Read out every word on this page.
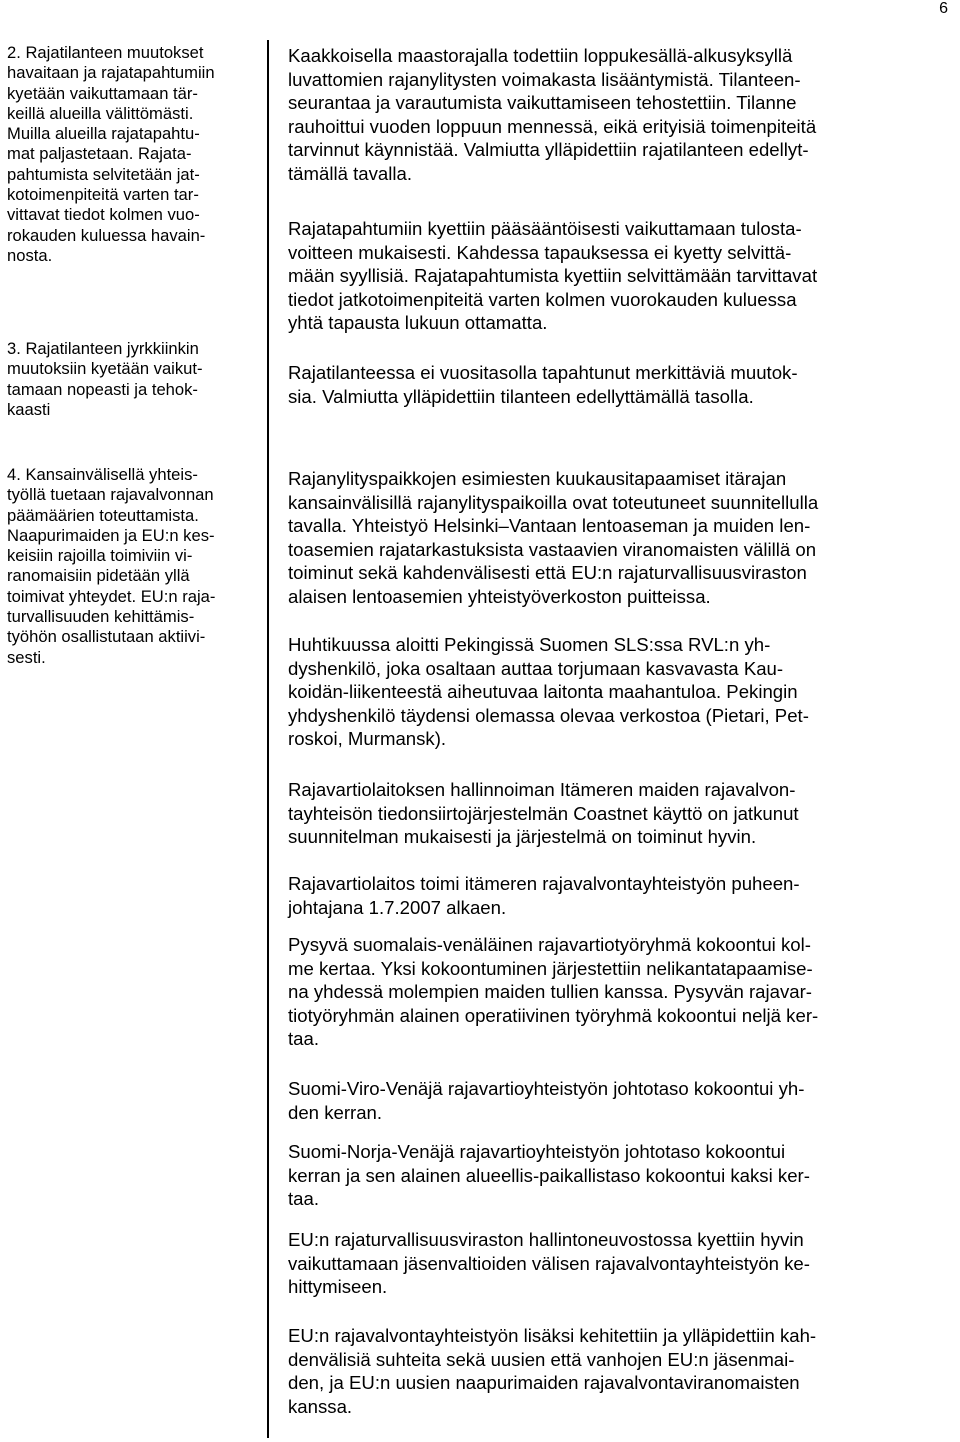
6

2. Rajatilanteen muutokset
havaitaan ja rajatapahtumiin
kyetään vaikuttamaan tär-
keillä alueilla välittömästi.
Muilla alueilla rajatapahtu-
mat paljastetaan. Rajata-
pahtumista selvitetään jat-
kotoimenpiteitä varten tar-
vittavat tiedot kolmen vuo-
rokauden kuluessa havain-
nosta.

3. Rajatilanteen jyrkkiinkin
muutoksiin kyetään vaikut-
tamaan nopeasti ja tehok-
kaasti

4. Kansainvälisellä yhteis-
työllä tuetaan rajavalvonnan
päämäärien toteuttamista.
Naapurimaiden ja EU:n kes-
keisiin rajoilla toimiviin vi-
ranomaisiin pidetään yllä
toimivat yhteydet. EU:n raja-
turvallisuuden kehittämis-
työhön osallistutaan aktiivi-
sesti.

Kaakkoisella maastorajalla todettiin loppukesällä-alkusyksyllä
luvattomien rajanylitysten voimakasta lisääntymistä. Tilanteen-
seurantaa ja varautumista vaikuttamiseen tehostettiin. Tilanne
rauhoittui vuoden loppuun mennessä, eikä erityisiä toimenpiteitä
tarvinnut käynnistää. Valmiutta ylläpidettiin rajatilanteen edellyt-
tämällä tavalla.

Rajatapahtumiin kyettiin pääsääntöisesti vaikuttamaan tulosta-
voitteen mukaisesti. Kahdessa tapauksessa ei kyetty selvittä-
mään syyllisiä. Rajatapahtumista kyettiin selvittämään tarvittavat
tiedot jatkotoimenpiteitä varten kolmen vuorokauden kuluessa
yhtä tapausta lukuun ottamatta.

Rajatilanteessa ei vuositasolla tapahtunut merkittäviä muutok-
sia. Valmiutta ylläpidettiin tilanteen edellyttämällä tasolla.

Rajanylityspaikkojen esimiesten kuukausitapaamiset itärajan
kansainvälisillä rajanylityspaikoilla ovat toteutuneet suunnitellulla
tavalla. Yhteistyö Helsinki–Vantaan lentoaseman ja muiden len-
toasemien rajatarkastuksista vastaavien viranomaisten välillä on
toiminut sekä kahdenvälisesti että EU:n rajaturvallisuusviraston
alaisen lentoasemien yhteistyöverkoston puitteissa.

Huhtikuussa aloitti Pekingissä Suomen SLS:ssa RVL:n yh-
dyshenkilö, joka osaltaan auttaa torjumaan kasvavasta Kau-
koidän-liikenteestä aiheutuvaa laitonta maahantuloa. Pekingin
yhdyshenkilö täydensi olemassa olevaa verkostoa (Pietari, Pet-
roskoi, Murmansk).

Rajavartiolaitoksen hallinnoiman Itämeren maiden rajavalvon-
tayhteisön tiedonsiirtojärjestelmän Coastnet käyttö on jatkunut
suunnitelman mukaisesti ja järjestelmä on toiminut hyvin.

Rajavartiolaitos toimi itämeren rajavalvontayhteistyön puheen-
johtajana 1.7.2007 alkaen.

Pysyvä suomalais-venäläinen rajavartiotyöryhmä kokoontui kol-
me kertaa. Yksi kokoontuminen järjestettiin nelikantatapaamise-
na yhdessä molempien maiden tullien kanssa. Pysyvän rajavar-
tiotyöryhmän alainen operatiivinen työryhmä kokoontui neljä ker-
taa.

Suomi-Viro-Venäjä rajavartioyhteistyön johtotaso kokoontui yh-
den kerran.

Suomi-Norja-Venäjä rajavartioyhteistyön johtotaso kokoontui
kerran ja sen alainen alueellis-paikallistaso kokoontui kaksi ker-
taa.

EU:n rajaturvallisuusviraston hallintoneuvostossa kyettiin hyvin
vaikuttamaan jäsenvaltioiden välisen rajavalvontayhteistyön ke-
hittymiseen.

EU:n rajavalvontayhteistyön lisäksi kehitettiin ja ylläpidettiin kah-
denvälisiä suhteita sekä uusien että vanhojen EU:n jäsenmai-
den, ja EU:n uusien naapurimaiden rajavalvontaviranomaisten
kanssa.
